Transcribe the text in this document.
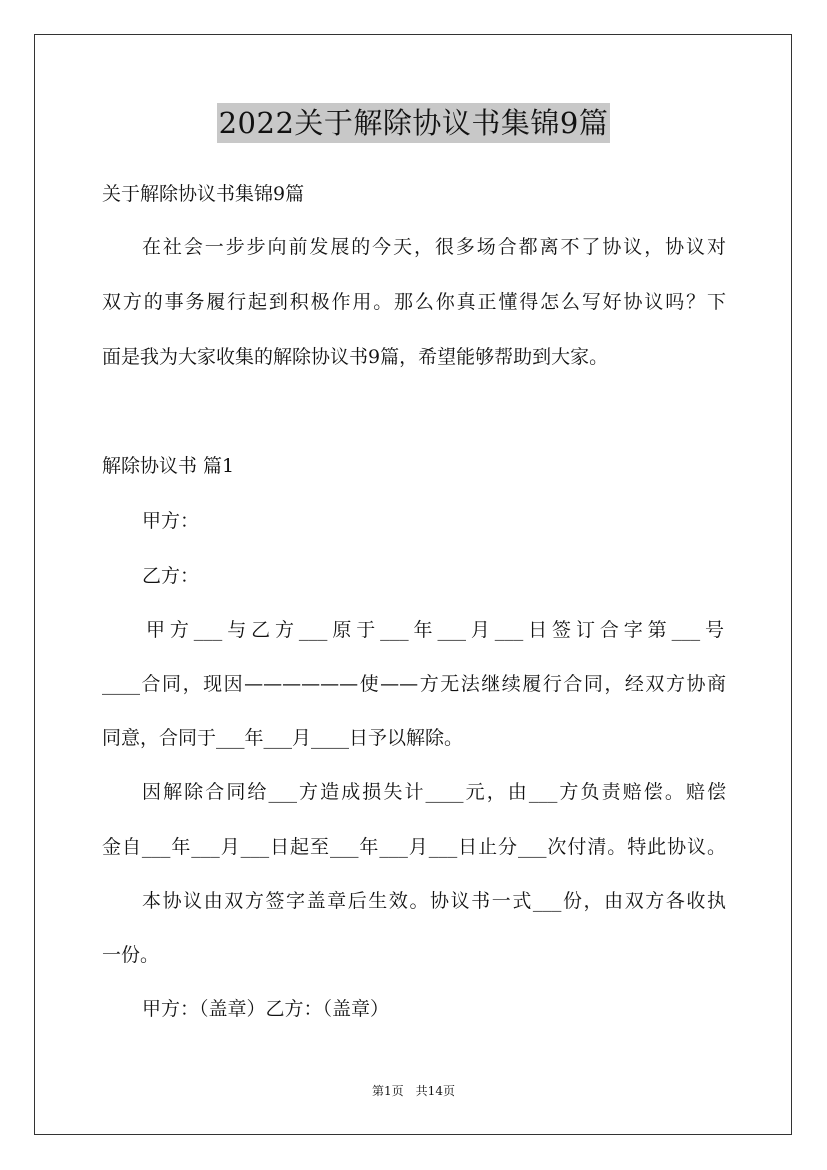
2022关于解除协议书集锦9篇
关于解除协议书集锦9篇
在社会一步步向前发展的今天，很多场合都离不了协议，协议对
双方的事务履行起到积极作用。那么你真正懂得怎么写好协议吗？下
面是我为大家收集的解除协议书9篇，希望能够帮助到大家。
解除协议书 篇1
甲方：
乙方：
甲方___与乙方___原于___年___月___日签订合字第___号
____合同，现因——————使——方无法继续履行合同，经双方协商
同意，合同于___年___月____日予以解除。
因解除合同给___方造成损失计____元，由___方负责赔偿。赔偿
金自___年___月___日起至___年___月___日止分___次付清。特此协议。
本协议由双方签字盖章后生效。协议书一式___份，由双方各收执
一份。
甲方：（盖章）乙方：（盖章）
第1页　共14页
